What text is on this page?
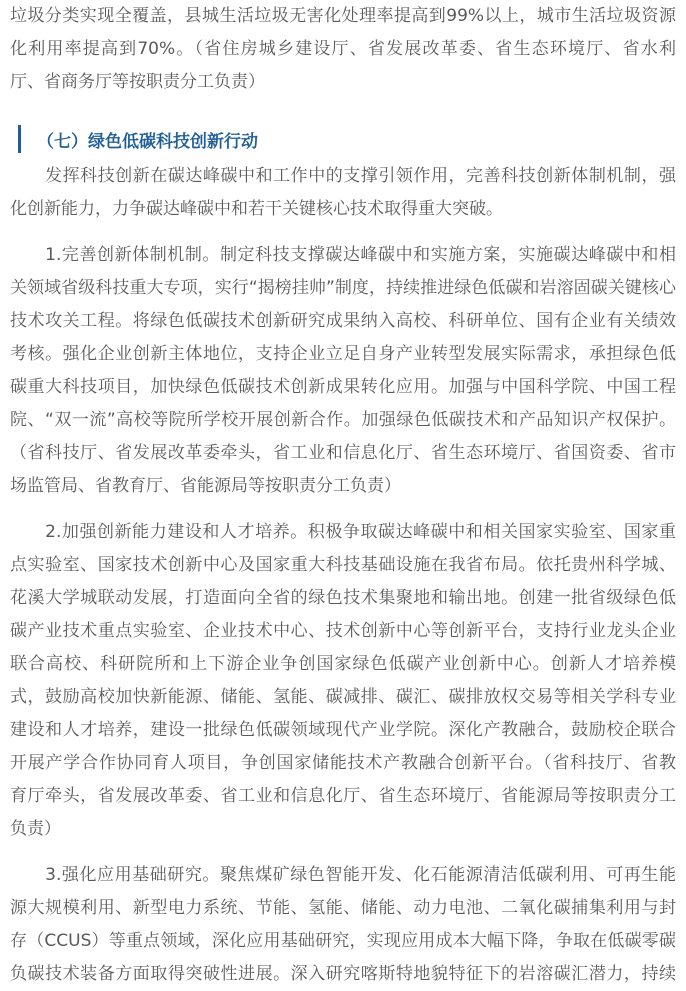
垃圾分类实现全覆盖，县城生活垃圾无害化处理率提高到99%以上，城市生活垃圾资源
化利用率提高到70%。（省住房城乡建设厅、省发展改革委、省生态环境厅、省水利
厅、省商务厅等按职责分工负责）
（七）绿色低碳科技创新行动
　　发挥科技创新在碳达峰碳中和工作中的支撑引领作用，完善科技创新体制机制，强
化创新能力，力争碳达峰碳中和若干关键核心技术取得重大突破。
　　1.完善创新体制机制。制定科技支撑碳达峰碳中和实施方案，实施碳达峰碳中和相
关领域省级科技重大专项，实行“揭榜挂帅”制度，持续推进绿色低碳和岩溶固碳关键核心
技术攻关工程。将绿色低碳技术创新研究成果纳入高校、科研单位、国有企业有关绩效
考核。强化企业创新主体地位，支持企业立足自身产业转型发展实际需求，承担绿色低
碳重大科技项目，加快绿色低碳技术创新成果转化应用。加强与中国科学院、中国工程
院、“双一流”高校等院所学校开展创新合作。加强绿色低碳技术和产品知识产权保护。
（省科技厅、省发展改革委牵头，省工业和信息化厅、省生态环境厅、省国资委、省市
场监管局、省教育厅、省能源局等按职责分工负责）
　　2.加强创新能力建设和人才培养。积极争取碳达峰碳中和相关国家实验室、国家重
点实验室、国家技术创新中心及国家重大科技基础设施在我省布局。依托贵州科学城、
花溪大学城联动发展，打造面向全省的绿色技术集聚地和输出地。创建一批省级绿色低
碳产业技术重点实验室、企业技术中心、技术创新中心等创新平台，支持行业龙头企业
联合高校、科研院所和上下游企业争创国家绿色低碳产业创新中心。创新人才培养模
式，鼓励高校加快新能源、储能、氢能、碳减排、碳汇、碳排放权交易等相关学科专业
建设和人才培养，建设一批绿色低碳领域现代产业学院。深化产教融合，鼓励校企联合
开展产学合作协同育人项目，争创国家储能技术产教融合创新平台。（省科技厅、省教
育厅牵头，省发展改革委、省工业和信息化厅、省生态环境厅、省能源局等按职责分工
负责）
　　3.强化应用基础研究。聚焦煤矿绿色智能开发、化石能源清洁低碳利用、可再生能
源大规模利用、新型电力系统、节能、氢能、储能、动力电池、二氧化碳捕集利用与封
存（CCUS）等重点领域，深化应用基础研究，实现应用成本大幅下降，争取在低碳零碳
负碳技术装备方面取得突破性进展。深入研究喀斯特地貌特征下的岩溶碳汇潜力，持续
